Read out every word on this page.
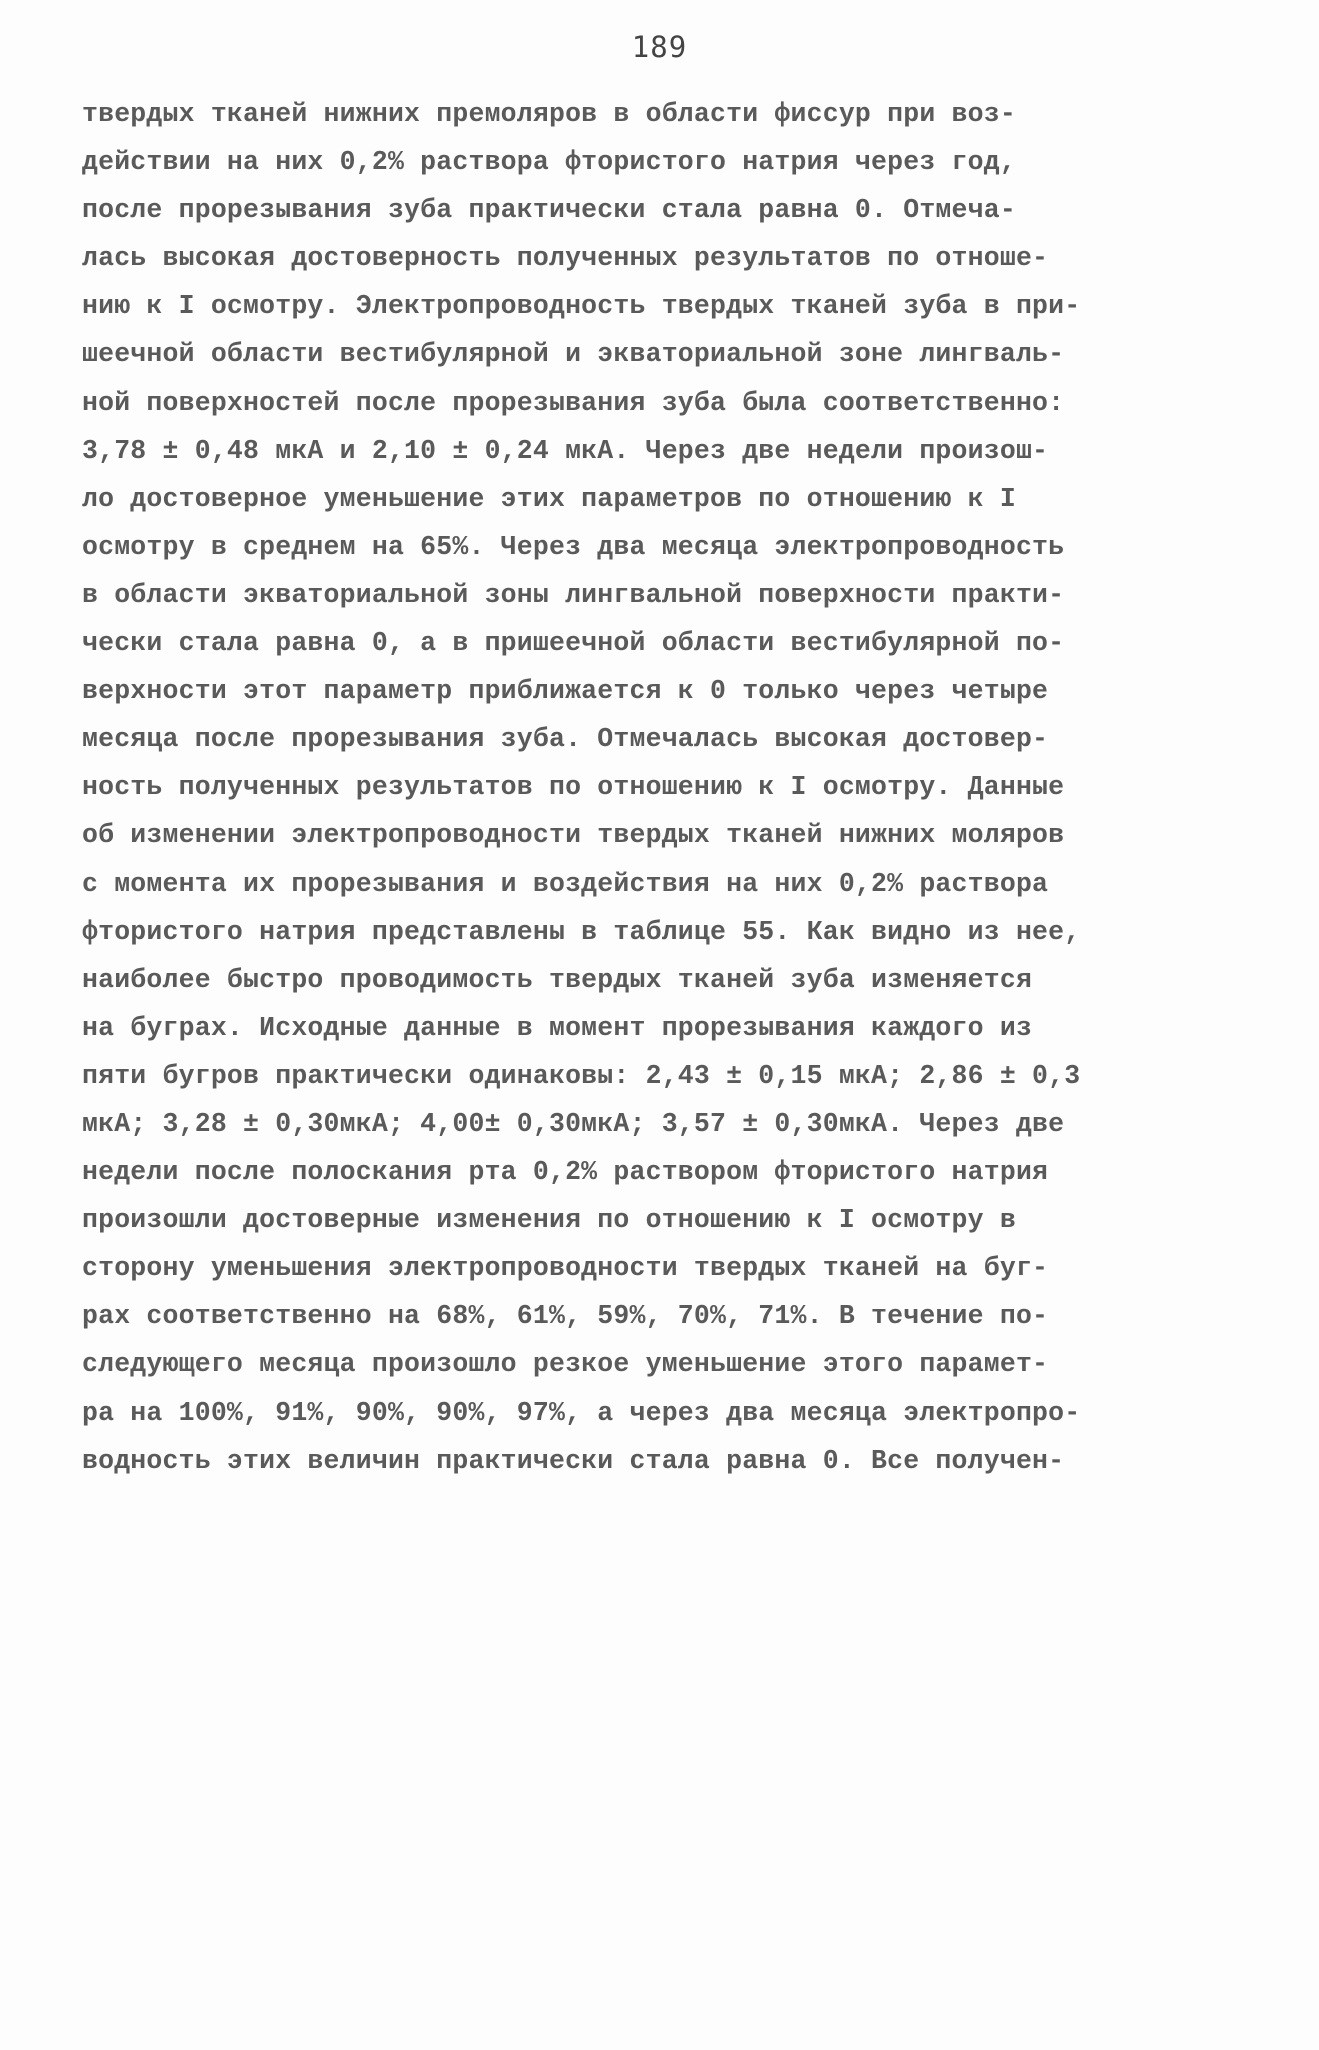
189
твердых тканей нижних премоляров в области фиссур при воз-
действии на них 0,2% раствора фтористого натрия через год,
после прорезывания зуба практически стала равна 0. Отмеча-
лась высокая достоверность полученных результатов по отноше-
нию к I осмотру. Электропроводность твердых тканей зуба в при-
шеечной области вестибулярной и экваториальной зоне лингваль-
ной поверхностей после прорезывания зуба была соответственно:
3,78 ± 0,48 мкА и 2,10 ± 0,24 мкА. Через две недели произош-
ло достоверное уменьшение этих параметров по отношению к I
осмотру в среднем на 65%. Через два месяца электропроводность
в области экваториальной зоны лингвальной поверхности практи-
чески стала равна 0, а в пришеечной области вестибулярной по-
верхности этот параметр приближается к 0 только через четыре
месяца после прорезывания зуба. Отмечалась высокая достовер-
ность полученных результатов по отношению к I осмотру. Данные
об изменении электропроводности твердых тканей нижних моляров
с момента их прорезывания и воздействия на них 0,2% раствора
фтористого натрия представлены в таблице 55. Как видно из нее,
наиболее быстро проводимость твердых тканей зуба изменяется
на буграх. Исходные данные в момент прорезывания каждого из
пяти бугров практически одинаковы: 2,43 ± 0,15 мкА; 2,86 ± 0,3
мкА; 3,28 ± 0,30мкА; 4,00± 0,30мкА; 3,57 ± 0,30мкА. Через две
недели после полоскания рта 0,2% раствором фтористого натрия
произошли достоверные изменения по отношению к I осмотру в
сторону уменьшения электропроводности твердых тканей на буг-
рах соответственно на 68%, 61%, 59%, 70%, 71%. В течение по-
следующего месяца произошло резкое уменьшение этого парамет-
ра на 100%, 91%, 90%, 90%, 97%, а через два месяца электропро-
водность этих величин практически стала равна 0. Все получен-
